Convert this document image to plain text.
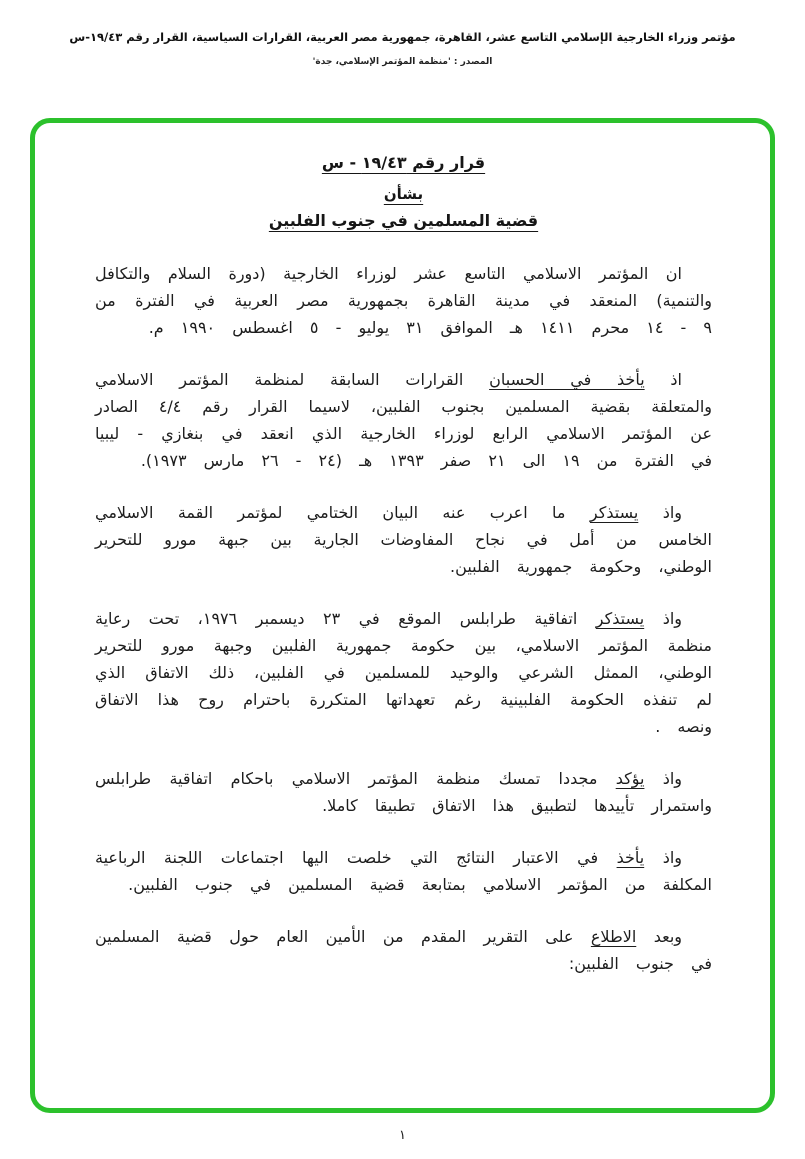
مؤتمر وزراء الخارجية الإسلامي التاسع عشر، القاهرة، جمهورية مصر العربية، القرارات السياسية، القرار رقم ١٩/٤٣-س
المصدر : 'منظمة المؤتمر الإسلامي، جدة'
قرار رقم ١٩/٤٣ - س
بشأن
قضية المسلمين في جنوب الفلبين

ان المؤتمر الاسلامي التاسع عشر لوزراء الخارجية (دورة السلام والتكافل والتنمية) المنعقد في مدينة القاهرة بجمهورية مصر العربية في الفترة من ٩ - ١٤ محرم ١٤١١ هـ الموافق ٣١ يوليو - ٥ اغسطس ١٩٩٠ م.

اذ يأخذ في الحسبان القرارات السابقة لمنظمة المؤتمر الاسلامي والمتعلقة بقضية المسلمين بجنوب الفلبين، لاسيما القرار رقم ٤/٤ الصادر عن المؤتمر الاسلامي الرابع لوزراء الخارجية الذي انعقد في بنغازي - ليبيا في الفترة من ١٩ الى ٢١ صفر ١٣٩٣ هـ (٢٤ - ٢٦ مارس ١٩٧٣).

واذ يستذكر ما اعرب عنه البيان الختامي لمؤتمر القمة الاسلامي الخامس من أمل في نجاح المفاوضات الجارية بين جبهة مورو للتحرير الوطني، وحكومة جمهورية الفلبين.

واذ يستذكر اتفاقية طرابلس الموقع في ٢٣ ديسمبر ١٩٧٦، تحت رعاية منظمة المؤتمر الاسلامي، بين حكومة جمهورية الفلبين وجبهة مورو للتحرير الوطني، الممثل الشرعي والوحيد للمسلمين في الفلبين، ذلك الاتفاق الذي لم تنفذه الحكومة الفلبينية رغم تعهداتها المتكررة باحترام روح هذا الاتفاق ونصه .

واذ يؤكد مجددا تمسك منظمة المؤتمر الاسلامي باحكام اتفاقية طرابلس واستمرار تأييدها لتطبيق هذا الاتفاق تطبيقا كاملا.

واذ يأخذ في الاعتبار النتائج التي خلصت اليها اجتماعات اللجنة الرباعية المكلفة من المؤتمر الاسلامي بمتابعة قضية المسلمين في جنوب الفلبين.

وبعد الاطلاع على التقرير المقدم من الأمين العام حول قضية المسلمين في جنوب الفلبين:

١
